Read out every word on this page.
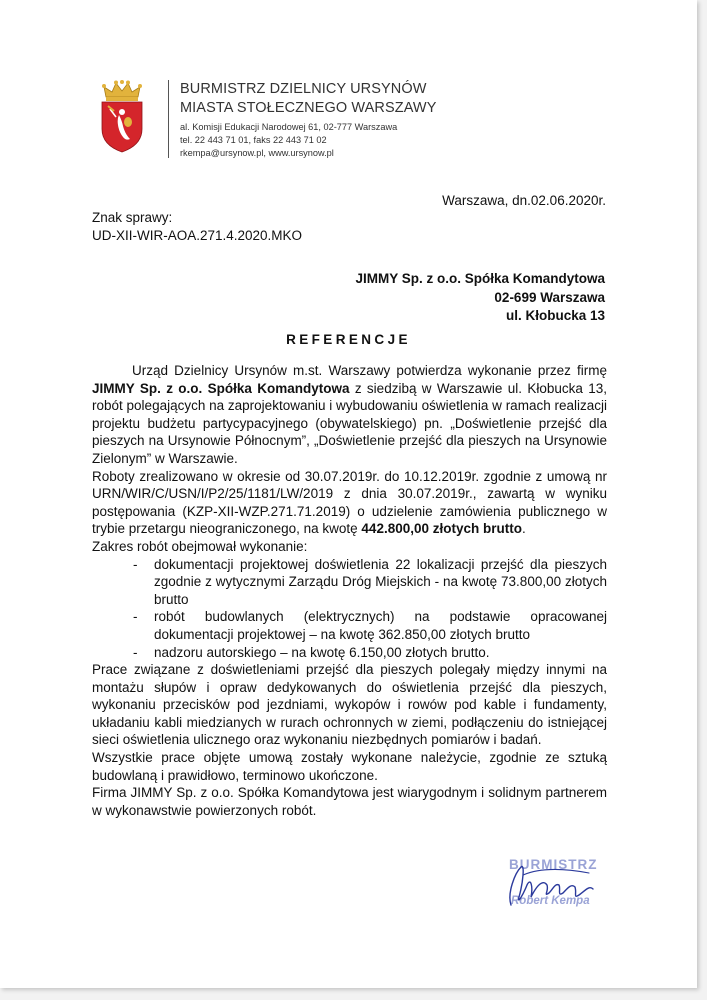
BURMISTRZ DZIELNICY URSYNÓW
MIASTA STOŁECZNEGO WARSZAWY
al. Komisji Edukacji Narodowej 61, 02-777 Warszawa
tel. 22 443 71 01, faks 22 443 71 02
rkempa@ursynow.pl, www.ursynow.pl
Warszawa, dn.02.06.2020r.
Znak sprawy:
UD-XII-WIR-AOA.271.4.2020.MKO
JIMMY Sp. z o.o. Spółka Komandytowa
02-699 Warszawa
ul. Kłobucka 13
REFERENCJE

Urząd Dzielnicy Ursynów m.st. Warszawy potwierdza wykonanie przez firmę JIMMY Sp. z o.o. Spółka Komandytowa z siedzibą w Warszawie ul. Kłobucka 13, robót polegających na zaprojektowaniu i wybudowaniu oświetlenia w ramach realizacji projektu budżetu partycypacyjnego (obywatelskiego) pn. „Doświetlenie przejść dla pieszych na Ursynowie Północnym”, „Doświetlenie przejść dla pieszych na Ursynowie Zielonym” w Warszawie.

Roboty zrealizowano w okresie od 30.07.2019r. do 10.12.2019r. zgodnie z umową nr URN/WIR/C/USN/I/P2/25/1181/LW/2019 z dnia 30.07.2019r., zawartą w wyniku postępowania (KZP-XII-WZP.271.71.2019) o udzielenie zamówienia publicznego w trybie przetargu nieograniczonego, na kwotę 442.800,00 złotych brutto.

Zakres robót obejmował wykonanie:

- dokumentacji projektowej doświetlenia 22 lokalizacji przejść dla pieszych zgodnie z wytycznymi Zarządu Dróg Miejskich - na kwotę 73.800,00 złotych brutto
- robót budowlanych (elektrycznych) na podstawie opracowanej dokumentacji projektowej – na kwotę 362.850,00 złotych brutto
- nadzoru autorskiego – na kwotę 6.150,00 złotych brutto.

Prace związane z doświetleniami przejść dla pieszych polegały między innymi na montażu słupów i opraw dedykowanych do oświetlenia przejść dla pieszych, wykonaniu przecisków pod jezdniami, wykopów i rowów pod kable i fundamenty, układaniu kabli miedzianych w rurach ochronnych w ziemi, podłączeniu do istniejącej sieci oświetlenia ulicznego oraz wykonaniu niezbędnych pomiarów i badań.

Wszystkie prace objęte umową zostały wykonane należycie, zgodnie ze sztuką budowlaną i prawidłowo, terminowo ukończone.

Firma JIMMY Sp. z o.o. Spółka Komandytowa jest wiarygodnym i solidnym partnerem w wykonawstwie powierzonych robót.

BURMISTRZ
Robert Kempa
